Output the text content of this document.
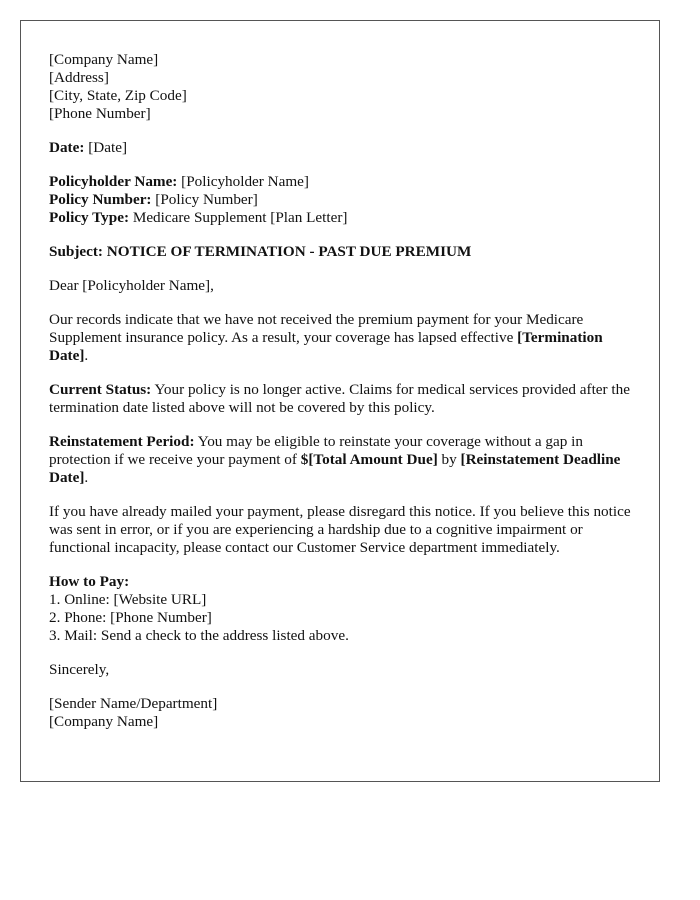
[Company Name]
[Address]
[City, State, Zip Code]
[Phone Number]
Date: [Date]
Policyholder Name: [Policyholder Name]
Policy Number: [Policy Number]
Policy Type: Medicare Supplement [Plan Letter]
Subject: NOTICE OF TERMINATION - PAST DUE PREMIUM

Dear [Policyholder Name],

Our records indicate that we have not received the premium payment for your Medicare Supplement insurance policy. As a result, your coverage has lapsed effective [Termination Date].

Current Status: Your policy is no longer active. Claims for medical services provided after the termination date listed above will not be covered by this policy.

Reinstatement Period: You may be eligible to reinstate your coverage without a gap in protection if we receive your payment of $[Total Amount Due] by [Reinstatement Deadline Date].

If you have already mailed your payment, please disregard this notice. If you believe this notice was sent in error, or if you are experiencing a hardship due to a cognitive impairment or functional incapacity, please contact our Customer Service department immediately.

How to Pay:
1. Online: [Website URL]
2. Phone: [Phone Number]
3. Mail: Send a check to the address listed above.
Sincerely,
[Sender Name/Department]
[Company Name]
